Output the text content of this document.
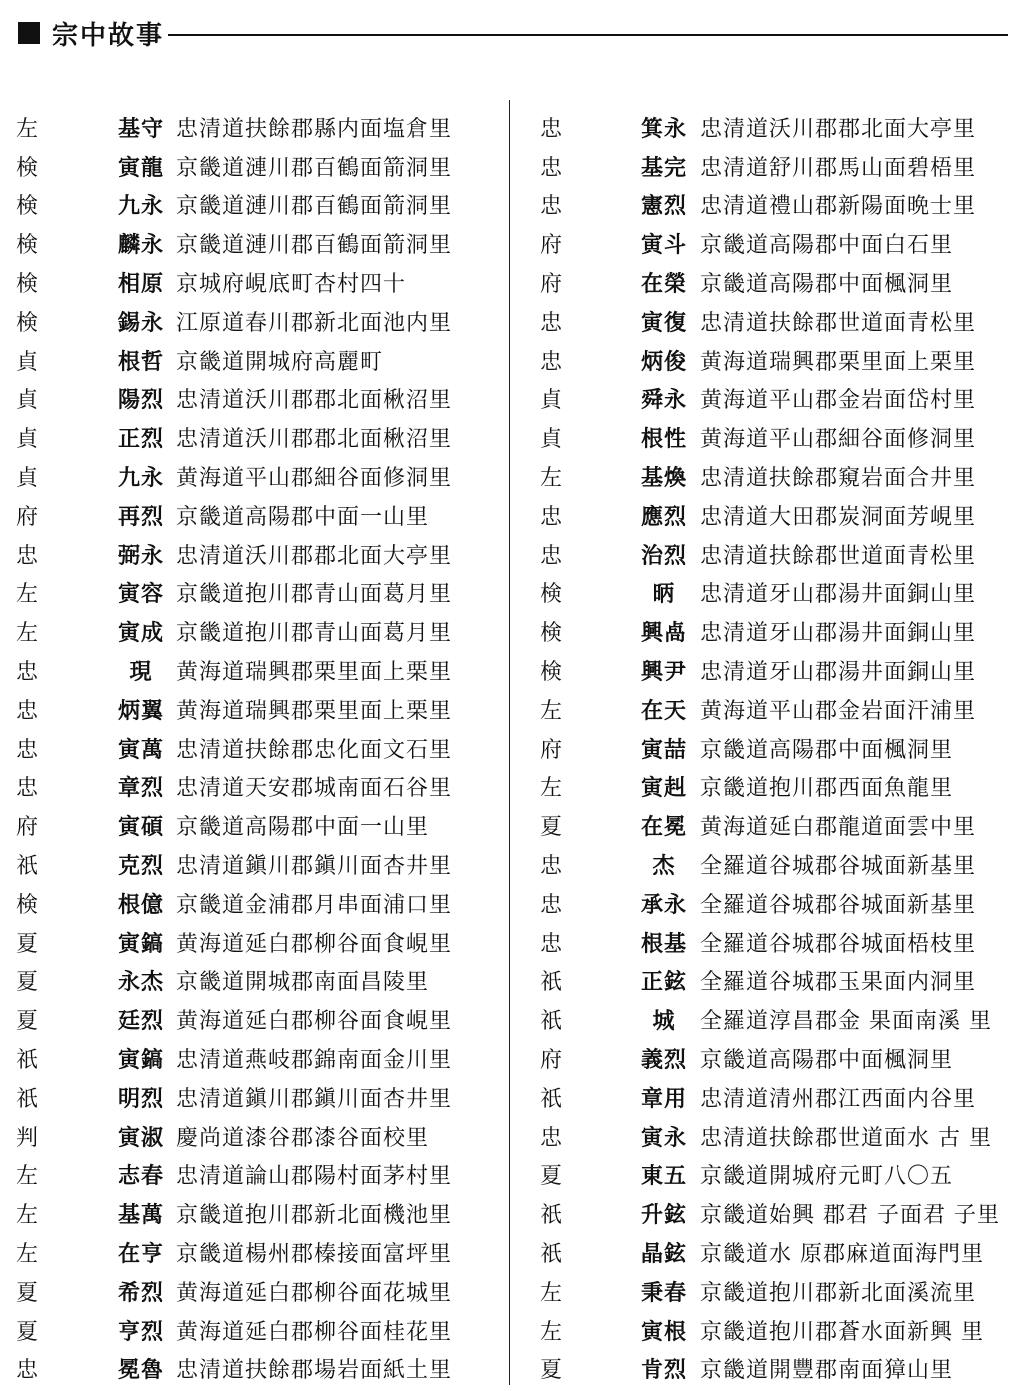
宗中故事
左	基守 忠清道扶餘郡縣内面塩倉里
検	寅龍 京畿道漣川郡百鶴面箭洞里
検	九永 京畿道漣川郡百鶴面箭洞里
検	麟永 京畿道漣川郡百鶴面箭洞里
検	相原 京城府峴底町杏村四十
検	錫永 江原道春川郡新北面池内里
貞	根哲 京畿道開城府高麗町
貞	陽烈 忠清道沃川郡郡北面楸沼里
貞	正烈 忠清道沃川郡郡北面楸沼里
貞	九永 黄海道平山郡細谷面修洞里
府	再烈 京畿道高陽郡中面一山里
忠	弼永 忠清道沃川郡郡北面大亭里
左	寅容 京畿道抱川郡青山面葛月里
左	寅成 京畿道抱川郡青山面葛月里
忠	現	黄海道瑞興郡栗里面上栗里
忠	炳翼 黄海道瑞興郡栗里面上栗里
忠	寅萬 忠清道扶餘郡忠化面文石里
忠	章烈 忠清道天安郡城南面石谷里
府	寅碩 京畿道高陽郡中面一山里
祇	克烈 忠清道鎭川郡鎭川面杏井里
検	根億 京畿道金浦郡月串面浦口里
夏	寅鎬 黄海道延白郡柳谷面食峴里
夏	永杰 京畿道開城郡南面昌陵里
夏	廷烈 黄海道延白郡柳谷面食峴里
祇	寅鎬 忠清道燕岐郡錦南面金川里
祇	明烈 忠清道鎭川郡鎭川面杏井里
判	寅淑 慶尚道漆谷郡漆谷面校里
左	志春 忠清道論山郡陽村面茅村里
左	基萬 京畿道抱川郡新北面機池里
左	在亨 京畿道楊州郡榛接面富坪里
夏	希烈 黄海道延白郡柳谷面花城里
夏	亨烈 黄海道延白郡柳谷面桂花里
忠	冕魯 忠清道扶餘郡場岩面紙土里
忠	箕永 忠清道沃川郡郡北面大亭里
忠	基完 忠清道舒川郡馬山面碧梧里
忠	憲烈 忠清道禮山郡新陽面晩士里
府	寅斗 京畿道高陽郡中面白石里
府	在榮 京畿道高陽郡中面楓洞里
忠	寅復 忠清道扶餘郡世道面青松里
忠	炳俊 黄海道瑞興郡栗里面上栗里
貞	舜永 黄海道平山郡金岩面岱村里
貞	根性 黄海道平山郡細谷面修洞里
左	基煥 忠清道扶餘郡窺岩面合井里
忠	應烈 忠清道大田郡炭洞面芳峴里
忠	治烈 忠清道扶餘郡世道面青松里
検	昞	忠清道牙山郡湯井面銅山里
検	興卨 忠清道牙山郡湯井面銅山里
検	興尹 忠清道牙山郡湯井面銅山里
左	在天 黄海道平山郡金岩面汗浦里
府	寅喆 京畿道高陽郡中面楓洞里
左	寅赳 京畿道抱川郡西面魚龍里
夏	在冕 黄海道延白郡龍道面雲中里
忠	杰	全羅道谷城郡谷城面新基里
忠	承永 全羅道谷城郡谷城面新基里
忠	根基 全羅道谷城郡谷城面梧枝里
祇	正鉉 全羅道谷城郡玉果面内洞里
祇	城	全羅道淳昌郡金 果面南溪 里
府	義烈 京畿道高陽郡中面楓洞里
祇	章用 忠清道清州郡江西面内谷里
忠	寅永 忠清道扶餘郡世道面水 古 里
夏	東五 京畿道開城府元町八〇五
祇	升鉉 京畿道始興 郡君 子面君 子里
祇	晶鉉 京畿道水 原郡麻道面海門里
左	秉春 京畿道抱川郡新北面溪流里
左	寅根 京畿道抱川郡蒼水面新興 里
夏	肯烈 京畿道開豐郡南面獐山里
